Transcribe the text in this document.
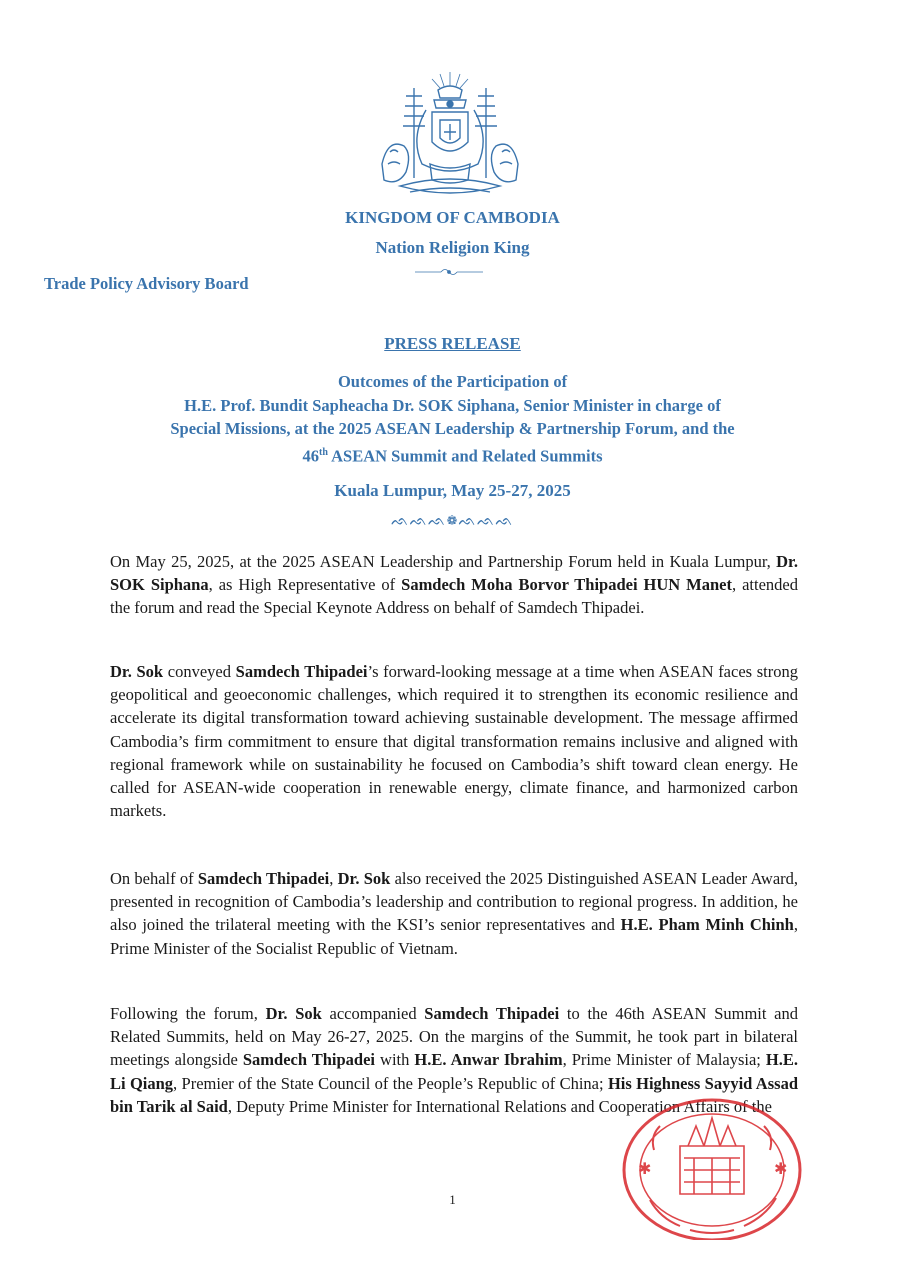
KINGDOM OF CAMBODIA
Nation Religion King
Trade Policy Advisory Board
PRESS RELEASE
Outcomes of the Participation of
H.E. Prof. Bundit Sapheacha Dr. SOK Siphana, Senior Minister in charge of
Special Missions, at the 2025 ASEAN Leadership & Partnership Forum, and the
46th ASEAN Summit and Related Summits
Kuala Lumpur, May 25-27, 2025
ᨒᨒᨒ❁ᨒᨒᨒ
On May 25, 2025, at the 2025 ASEAN Leadership and Partnership Forum held in Kuala Lumpur, Dr. SOK Siphana, as High Representative of Samdech Moha Borvor Thipadei HUN Manet, attended the forum and read the Special Keynote Address on behalf of Samdech Thipadei.
Dr. Sok conveyed Samdech Thipadei’s forward-looking message at a time when ASEAN faces strong geopolitical and geoeconomic challenges, which required it to strengthen its economic resilience and accelerate its digital transformation toward achieving sustainable development. The message affirmed Cambodia’s firm commitment to ensure that digital transformation remains inclusive and aligned with regional framework while on sustainability he focused on Cambodia’s shift toward clean energy. He called for ASEAN-wide cooperation in renewable energy, climate finance, and harmonized carbon markets.
On behalf of Samdech Thipadei, Dr. Sok also received the 2025 Distinguished ASEAN Leader Award, presented in recognition of Cambodia’s leadership and contribution to regional progress. In addition, he also joined the trilateral meeting with the KSI’s senior representatives and H.E. Pham Minh Chinh, Prime Minister of the Socialist Republic of Vietnam.
Following the forum, Dr. Sok accompanied Samdech Thipadei to the 46th ASEAN Summit and Related Summits, held on May 26-27, 2025. On the margins of the Summit, he took part in bilateral meetings alongside Samdech Thipadei with H.E. Anwar Ibrahim, Prime Minister of Malaysia; H.E. Li Qiang, Premier of the State Council of the People’s Republic of China; His Highness Sayyid Assad bin Tarik al Said, Deputy Prime Minister for International Relations and Cooperation Affairs of the
1
✱	✱
